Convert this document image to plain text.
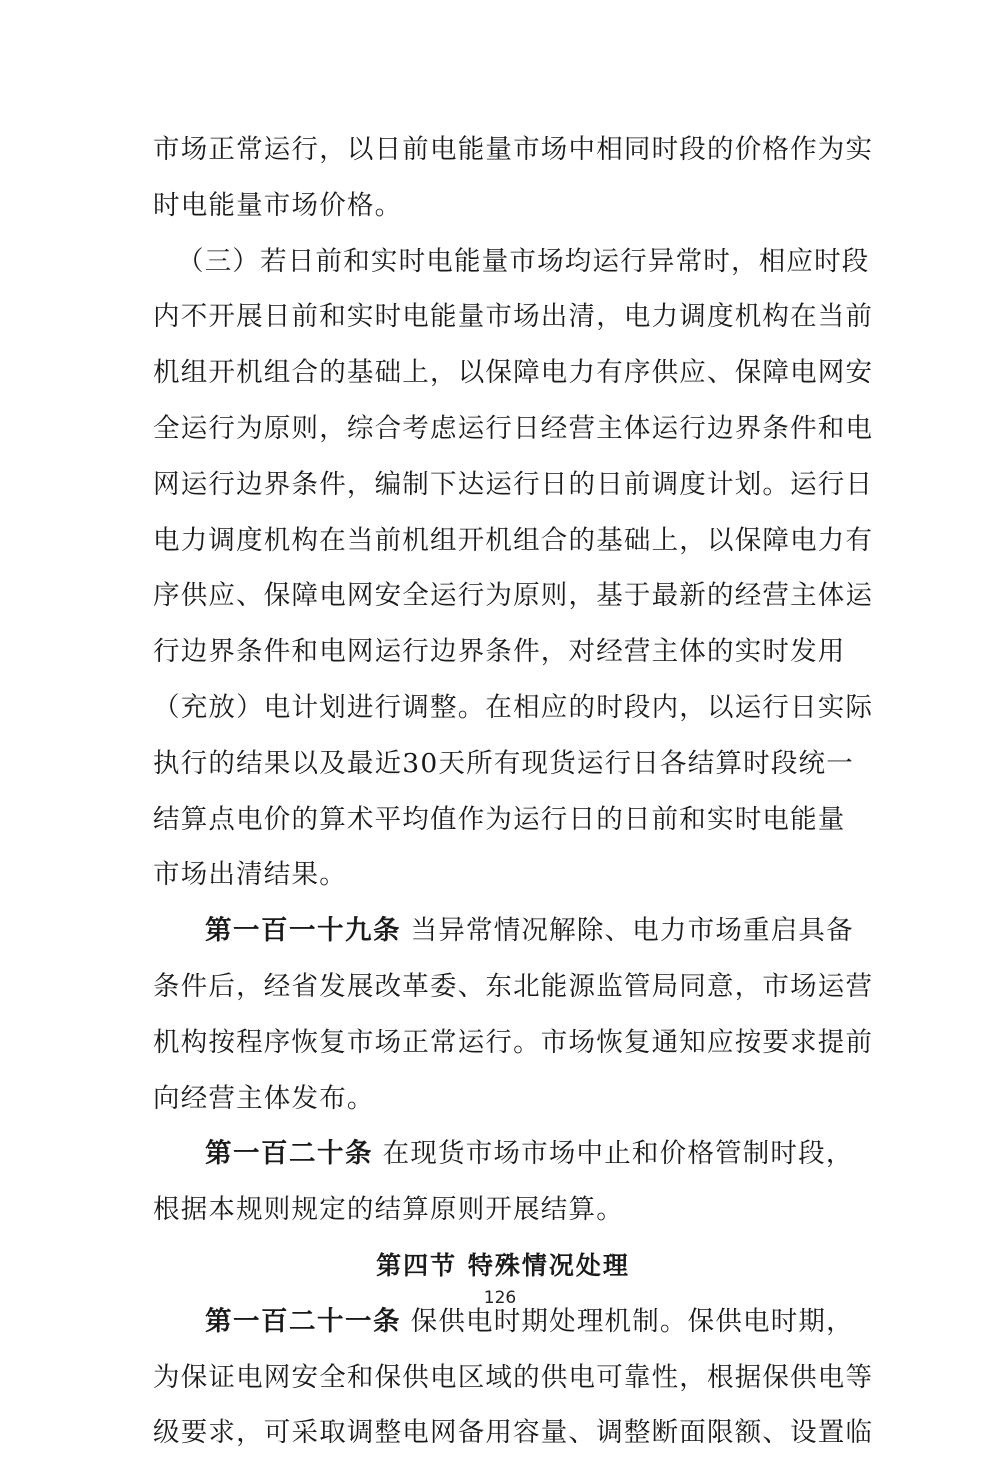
市场正常运行，以日前电能量市场中相同时段的价格作为实
时电能量市场价格。
（三）若日前和实时电能量市场均运行异常时，相应时段
内不开展日前和实时电能量市场出清，电力调度机构在当前
机组开机组合的基础上，以保障电力有序供应、保障电网安
全运行为原则，综合考虑运行日经营主体运行边界条件和电
网运行边界条件，编制下达运行日的日前调度计划。运行日
电力调度机构在当前机组开机组合的基础上，以保障电力有
序供应、保障电网安全运行为原则，基于最新的经营主体运
行边界条件和电网运行边界条件，对经营主体的实时发用
（充放）电计划进行调整。在相应的时段内，以运行日实际
执行的结果以及最近30天所有现货运行日各结算时段统一
结算点电价的算术平均值作为运行日的日前和实时电能量
市场出清结果。
第一百一十九条 当异常情况解除、电力市场重启具备
条件后，经省发展改革委、东北能源监管局同意，市场运营
机构按程序恢复市场正常运行。市场恢复通知应按要求提前
向经营主体发布。
第一百二十条 在现货市场市场中止和价格管制时段，
根据本规则规定的结算原则开展结算。
第四节 特殊情况处理
第一百二十一条 保供电时期处理机制。保供电时期，
为保证电网安全和保供电区域的供电可靠性，根据保供电等
级要求，可采取调整电网备用容量、调整断面限额、设置临
126
